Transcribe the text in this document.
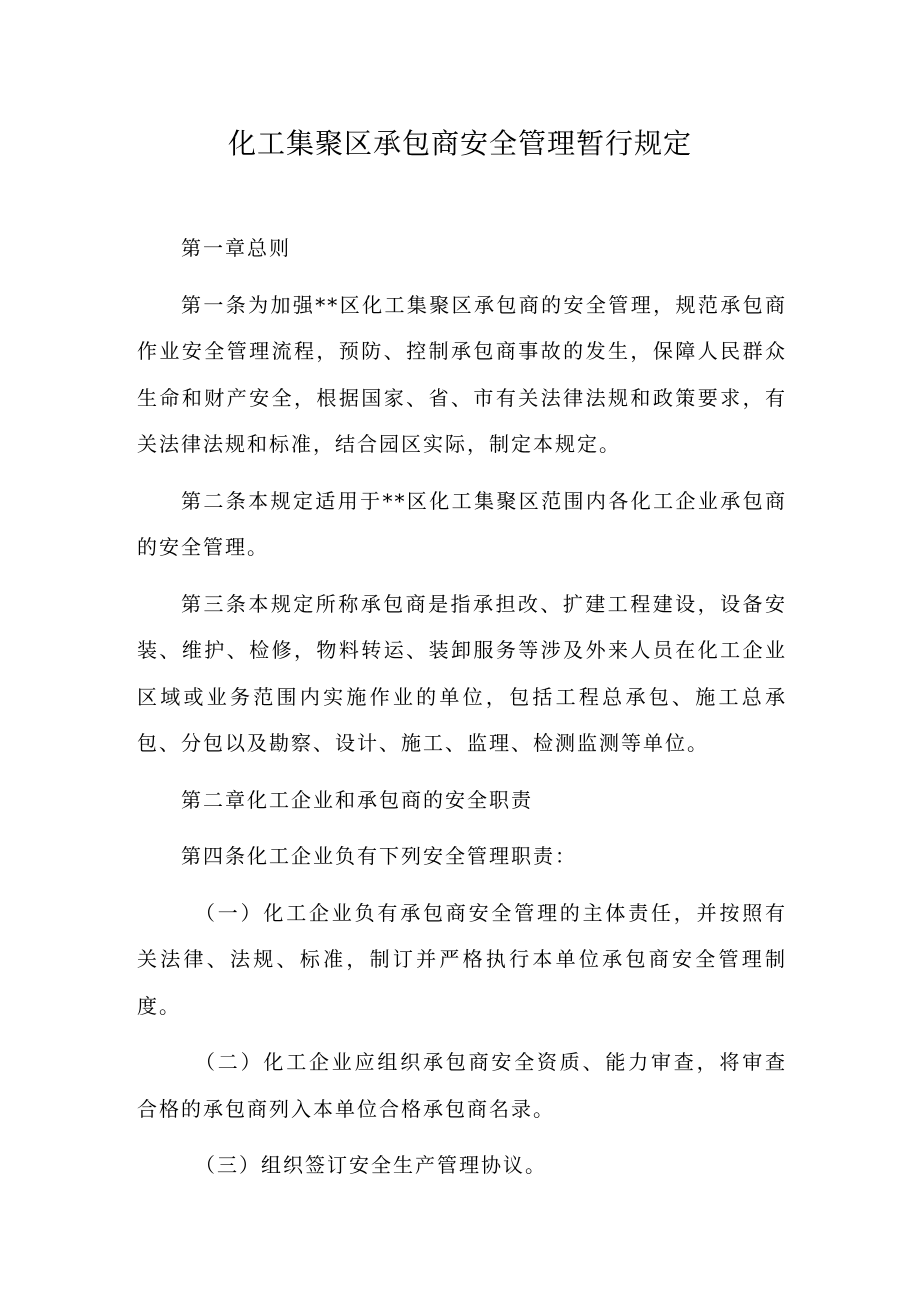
化工集聚区承包商安全管理暂行规定

第一章总则

第一条为加强**区化工集聚区承包商的安全管理，规范承包商作业安全管理流程，预防、控制承包商事故的发生，保障人民群众生命和财产安全，根据国家、省、市有关法律法规和政策要求，有关法律法规和标准，结合园区实际，制定本规定。

第二条本规定适用于**区化工集聚区范围内各化工企业承包商的安全管理。

第三条本规定所称承包商是指承担改、扩建工程建设，设备安装、维护、检修，物料转运、装卸服务等涉及外来人员在化工企业区域或业务范围内实施作业的单位，包括工程总承包、施工总承包、分包以及勘察、设计、施工、监理、检测监测等单位。

第二章化工企业和承包商的安全职责

第四条化工企业负有下列安全管理职责：

（一）化工企业负有承包商安全管理的主体责任，并按照有关法律、法规、标准，制订并严格执行本单位承包商安全管理制度。

（二）化工企业应组织承包商安全资质、能力审查，将审查合格的承包商列入本单位合格承包商名录。

（三）组织签订安全生产管理协议。
